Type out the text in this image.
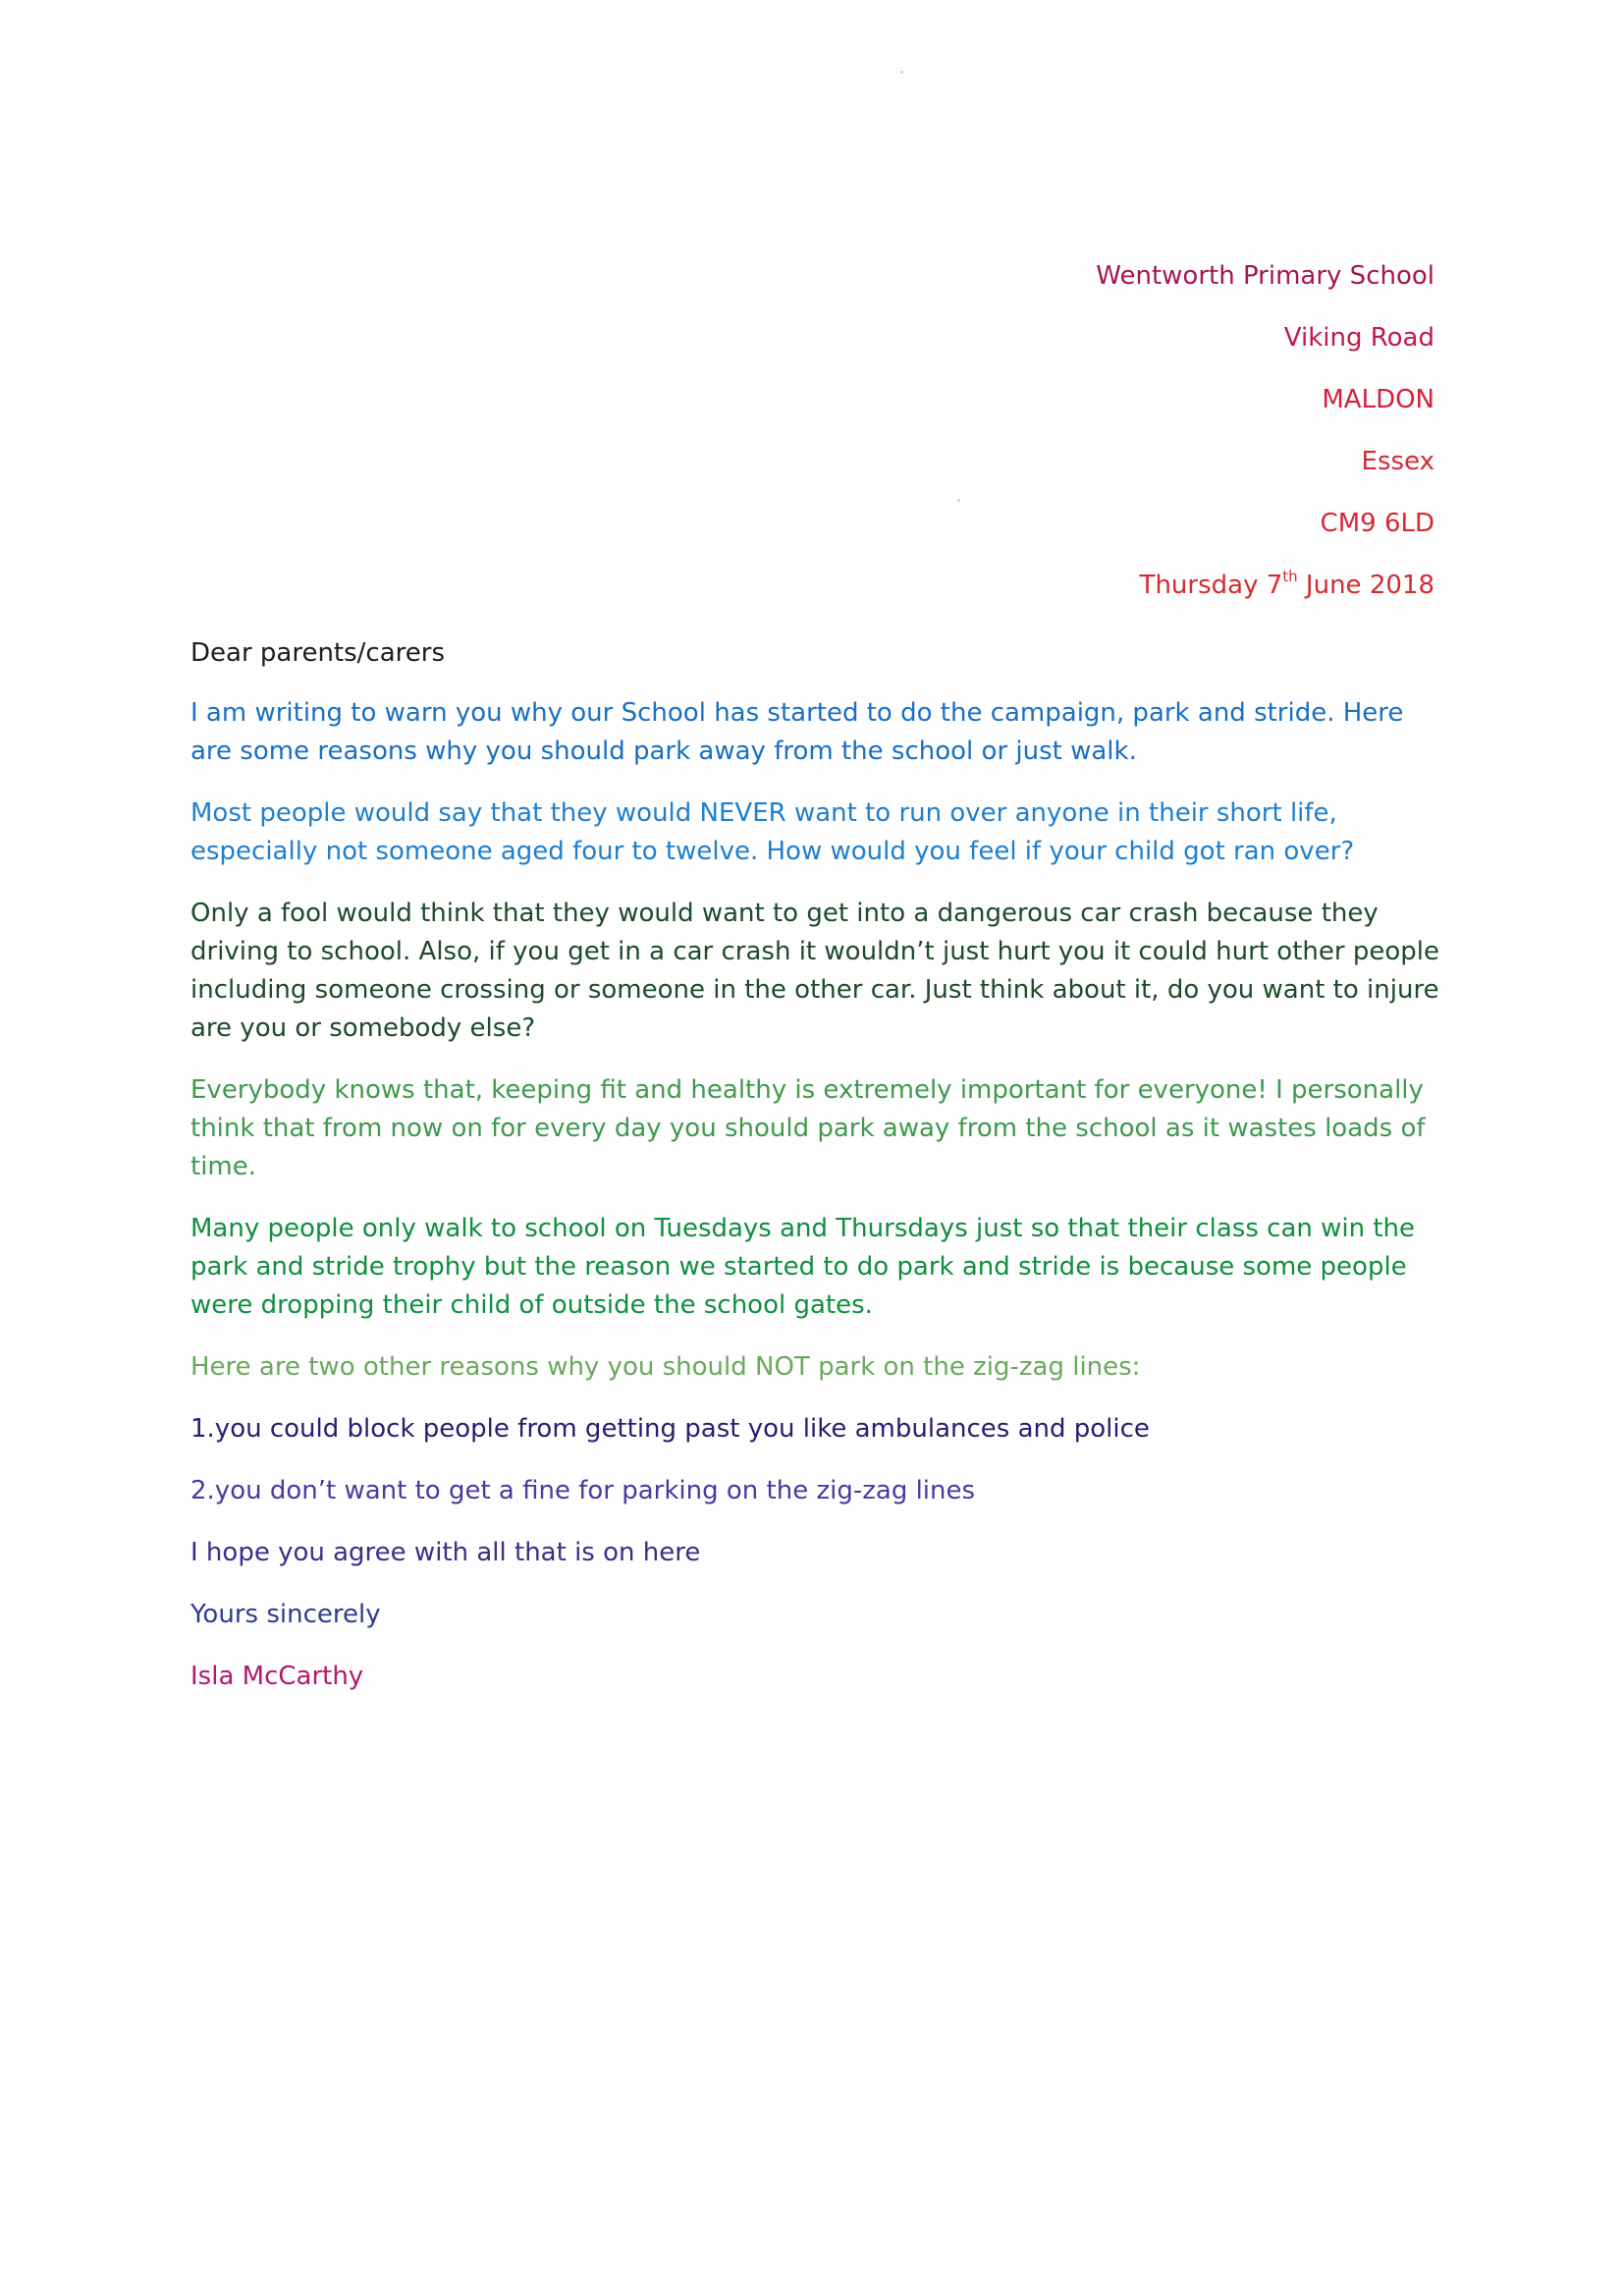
Wentworth Primary School
Viking Road
MALDON
Essex
CM9 6LD
Thursday 7th June 2018

Dear parents/carers

I am writing to warn you why our School has started to do the campaign, park and stride. Here are some reasons why you should park away from the school or just walk.

Most people would say that they would NEVER want to run over anyone in their short life, especially not someone aged four to twelve. How would you feel if your child got ran over?

Only a fool would think that they would want to get into a dangerous car crash because they driving to school. Also, if you get in a car crash it wouldn’t just hurt you it could hurt other people including someone crossing or someone in the other car. Just think about it, do you want to injure are you or somebody else?

Everybody knows that, keeping fit and healthy is extremely important for everyone! I personally think that from now on for every day you should park away from the school as it wastes loads of time.

Many people only walk to school on Tuesdays and Thursdays just so that their class can win the park and stride trophy but the reason we started to do park and stride is because some people were dropping their child of outside the school gates.

Here are two other reasons why you should NOT park on the zig-zag lines:

1.you could block people from getting past you like ambulances and police

2.you don’t want to get a fine for parking on the zig-zag lines

I hope you agree with all that is on here

Yours sincerely

Isla McCarthy
